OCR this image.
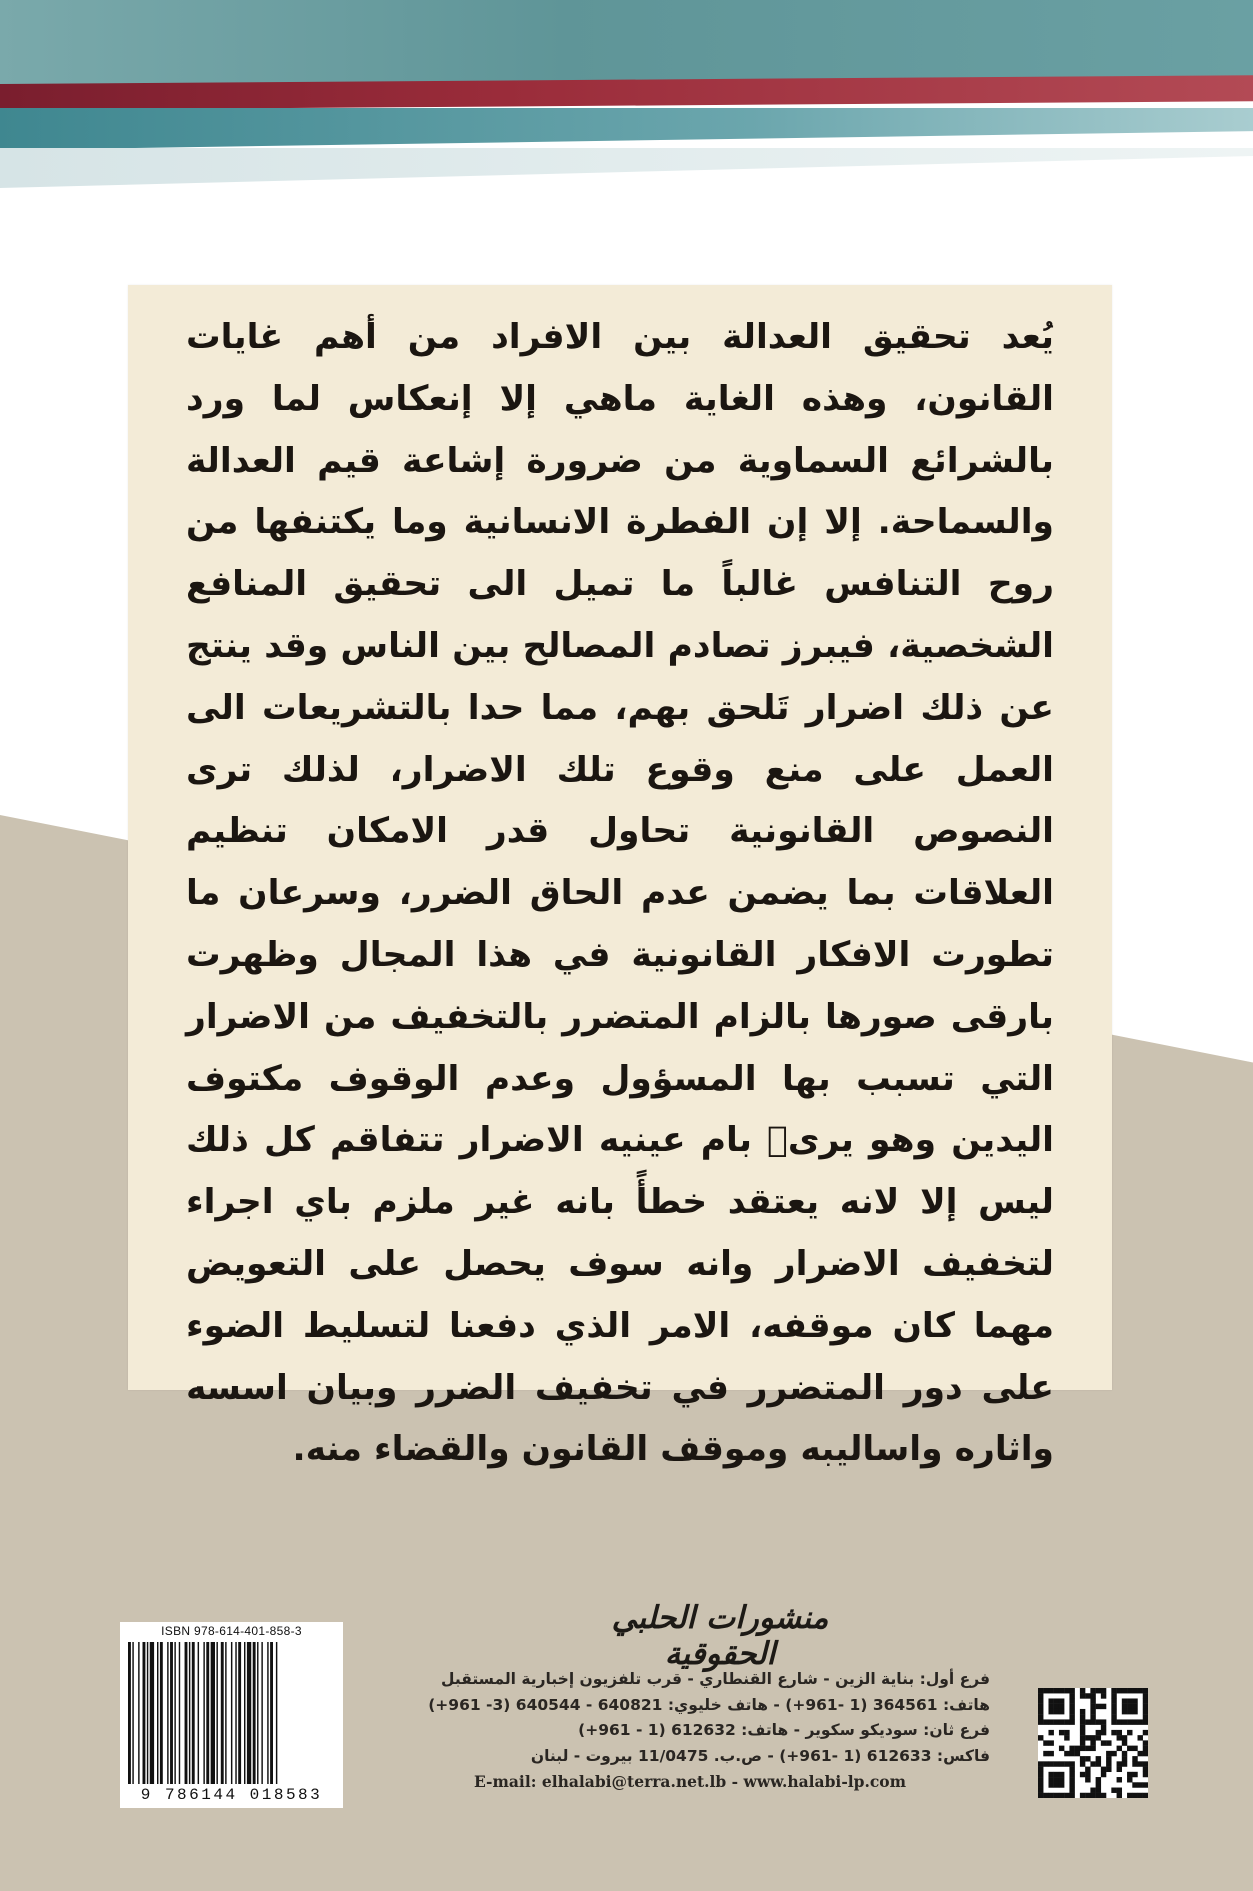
يُعد تحقيق العدالة بين الافراد من أهم غايات القانون، وهذه الغاية ماهي إلا إنعكاس لما ورد بالشرائع السماوية من ضرورة إشاعة قيم العدالة والسماحة. إلا إن الفطرة الانسانية وما يكتنفها من روح التنافس غالباً ما تميل الى تحقيق المنافع الشخصية، فيبرز تصادم المصالح بين الناس وقد ينتج عن ذلك اضرار تَلحق بهم، مما حدا بالتشريعات الى العمل على منع وقوع تلك الاضرار، لذلك ترى النصوص القانونية تحاول قدر الامكان تنظيم العلاقات بما يضمن عدم الحاق الضرر، وسرعان ما تطورت الافكار القانونية في هذا المجال وظهرت بارقى صورها بالزام المتضرر بالتخفيف من الاضرار التي تسبب بها المسؤول وعدم الوقوف مكتوف اليدين وهو يرىٖ بام عينيه الاضرار تتفاقم كل ذلك ليس إلا لانه يعتقد خطأً بانه غير ملزم باي اجراء لتخفيف الاضرار وانه سوف يحصل على التعويض مهما كان موقفه، الامر الذي دفعنا لتسليط الضوء على دور المتضرر في تخفيف الضرر وبيان اسسه واثاره واساليبه وموقف القانون والقضاء منه.

منشورات الحلبي الحقوقية
فرع أول: بناية الزين - شارع القنطاري - قرب تلفزيون إخبارية المستقبل
هاتف: 364561 (1 -961+) - هاتف خليوي: 640821 - 640544 (3- 961+)
فرع ثان: سوديكو سكوير - هاتف: 612632 (1 - 961+)
فاكس: 612633 (1 -961+) - ص.ب. 11/0475 بيروت - لبنان
E-mail: elhalabi@terra.net.lb - www.halabi-lp.com
ISBN 978-614-401-858-3
9 786144 018583
